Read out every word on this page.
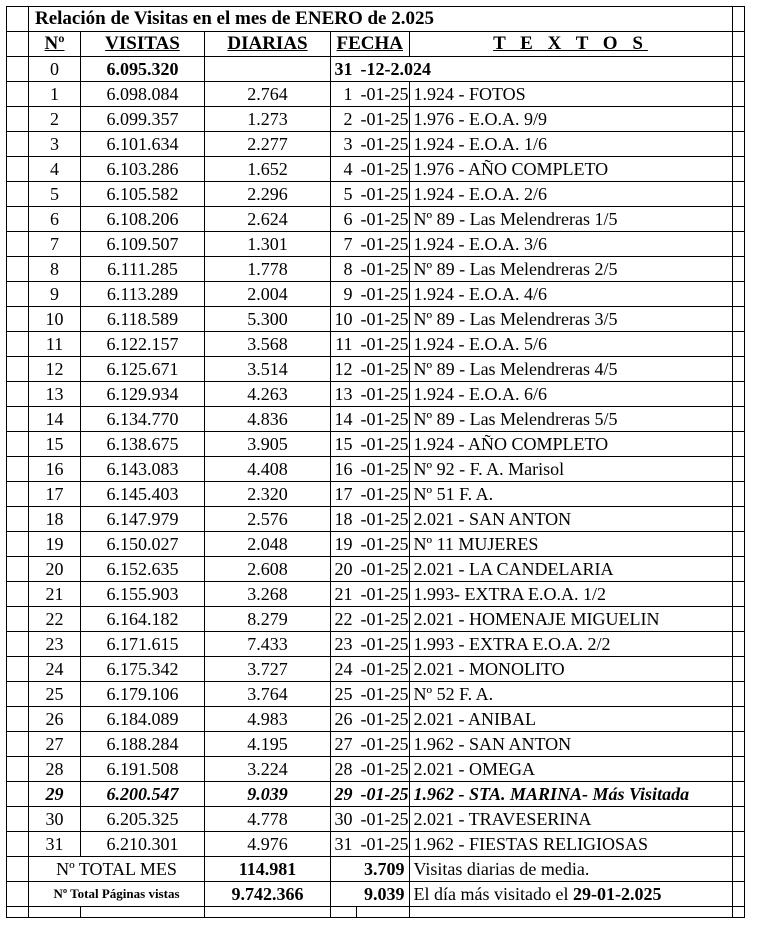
	Relación de Visitas en el mes de ENERO de 2.025						
	Nº	VISITAS	DIARIAS	FECHA		T E X T O S	
	0	6.095.320		31	-12-2.024		
	1	6.098.084	2.764	1	-01-25	1.924 - FOTOS	
	2	6.099.357	1.273	2	-01-25	1.976 - E.O.A. 9/9	
	3	6.101.634	2.277	3	-01-25	1.924 - E.O.A. 1/6	
	4	6.103.286	1.652	4	-01-25	1.976 - AÑO COMPLETO	
	5	6.105.582	2.296	5	-01-25	1.924 - E.O.A. 2/6	
	6	6.108.206	2.624	6	-01-25	Nº 89 - Las Melendreras 1/5	
	7	6.109.507	1.301	7	-01-25	1.924 - E.O.A. 3/6	
	8	6.111.285	1.778	8	-01-25	Nº 89 - Las Melendreras 2/5	
	9	6.113.289	2.004	9	-01-25	1.924 - E.O.A. 4/6	
	10	6.118.589	5.300	10	-01-25	Nº 89 - Las Melendreras 3/5	
	11	6.122.157	3.568	11	-01-25	1.924 - E.O.A. 5/6	
	12	6.125.671	3.514	12	-01-25	Nº 89 - Las Melendreras 4/5	
	13	6.129.934	4.263	13	-01-25	1.924 - E.O.A. 6/6	
	14	6.134.770	4.836	14	-01-25	Nº 89 - Las Melendreras 5/5	
	15	6.138.675	3.905	15	-01-25	1.924 - AÑO COMPLETO	
	16	6.143.083	4.408	16	-01-25	Nº 92 - F. A. Marisol	
	17	6.145.403	2.320	17	-01-25	Nº 51 F. A.	
	18	6.147.979	2.576	18	-01-25	2.021 - SAN ANTON	
	19	6.150.027	2.048	19	-01-25	Nº 11 MUJERES	
	20	6.152.635	2.608	20	-01-25	2.021 - LA CANDELARIA	
	21	6.155.903	3.268	21	-01-25	1.993- EXTRA E.O.A. 1/2	
	22	6.164.182	8.279	22	-01-25	2.021 - HOMENAJE MIGUELIN	
	23	6.171.615	7.433	23	-01-25	1.993 - EXTRA E.O.A. 2/2	
	24	6.175.342	3.727	24	-01-25	2.021 - MONOLITO	
	25	6.179.106	3.764	25	-01-25	Nº 52 F. A.	
	26	6.184.089	4.983	26	-01-25	2.021 - ANIBAL	
	27	6.188.284	4.195	27	-01-25	1.962 - SAN ANTON	
	28	6.191.508	3.224	28	-01-25	2.021 - OMEGA	
	29	6.200.547	9.039	29	-01-25	1.962 - STA. MARINA- Más Visitada	
	30	6.205.325	4.778	30	-01-25	2.021 - TRAVESERINA	
	31	6.210.301	4.976	31	-01-25	1.962 - FIESTAS RELIGIOSAS	
	Nº TOTAL MES		114.981		3.709	Visitas diarias de media.	
	Nº Total Páginas vistas		9.742.366		9.039	El día más visitado el 29-01-2.025	
